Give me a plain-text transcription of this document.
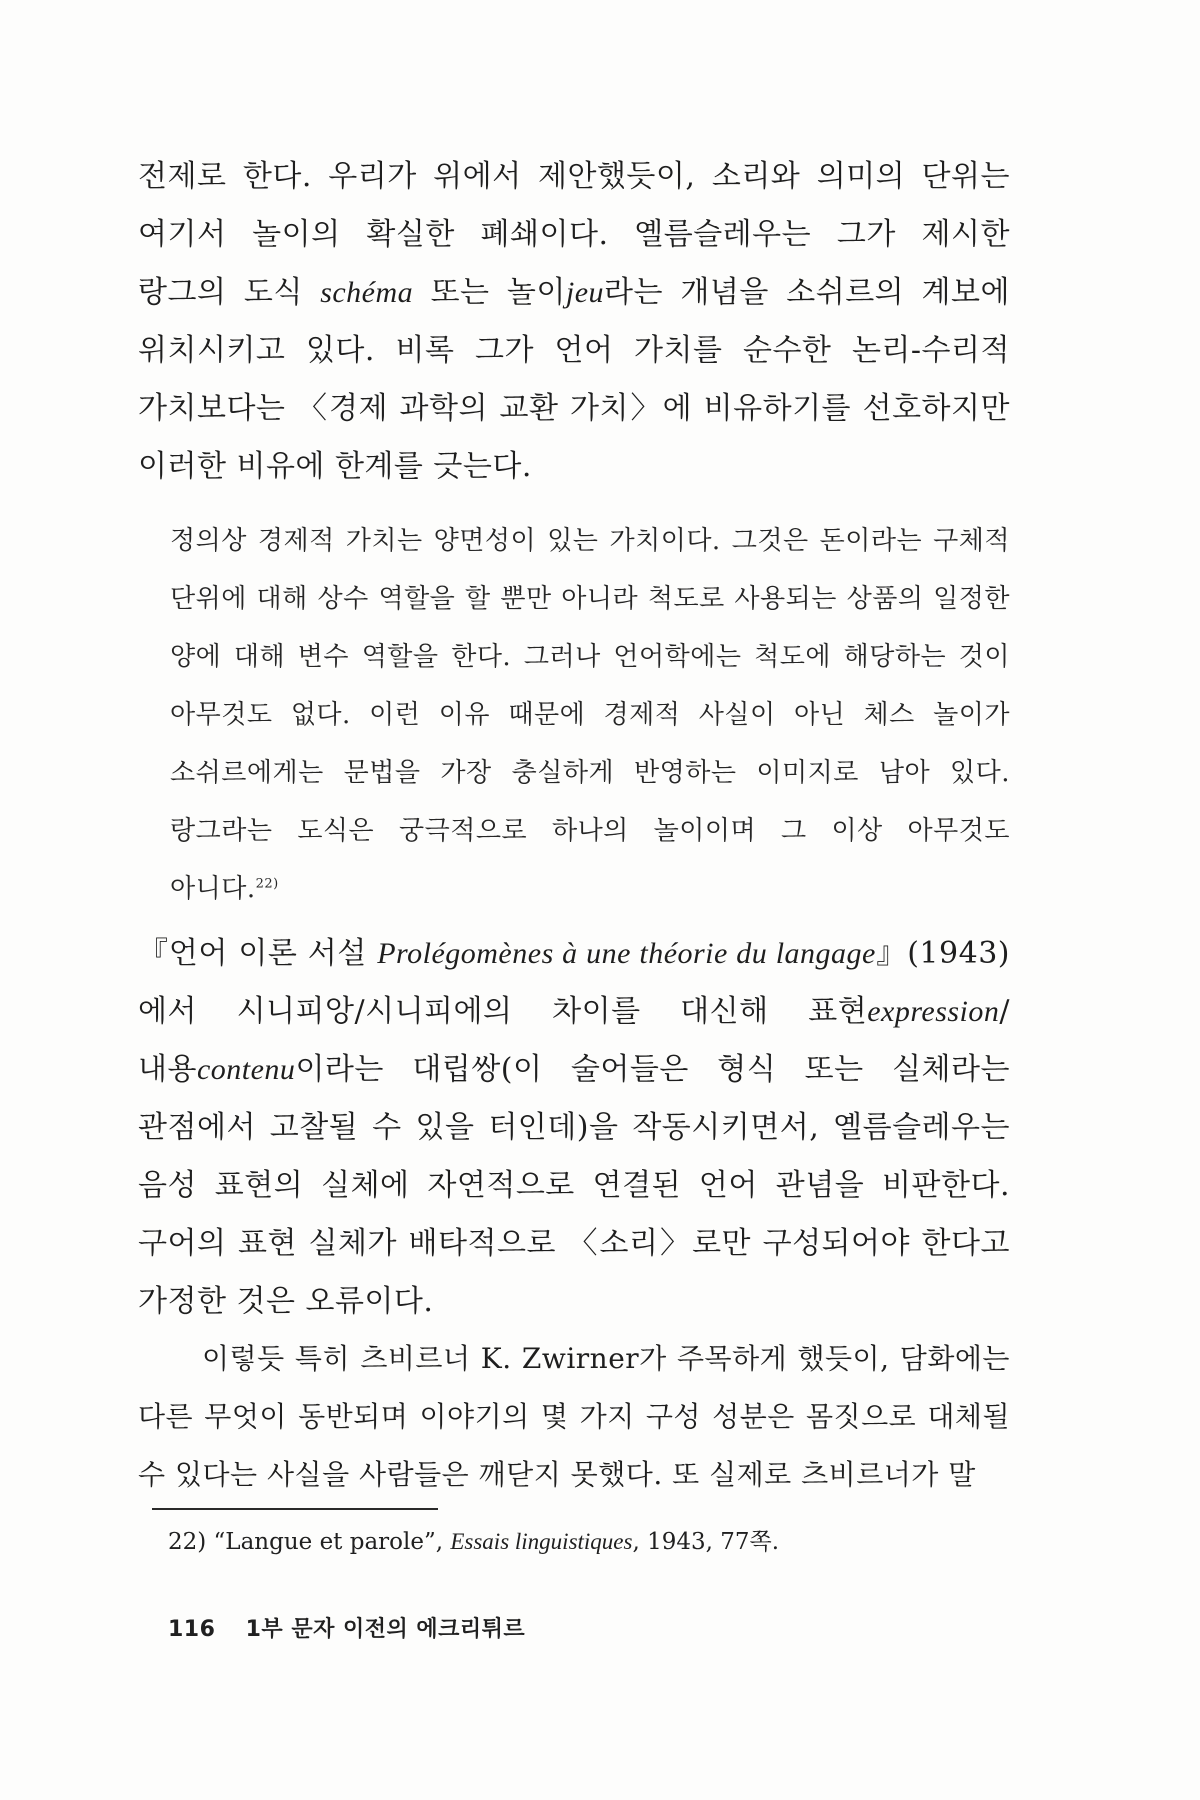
전제로 한다. 우리가 위에서 제안했듯이, 소리와 의미의 단위는 여기서 놀이의 확실한 폐쇄이다. 옐름슬레우는 그가 제시한 랑그의 도식 schéma 또는 놀이jeu라는 개념을 소쉬르의 계보에 위치시키고 있다. 비록 그가 언어 가치를 순수한 논리-수리적 가치보다는 〈경제 과학의 교환 가치〉에 비유하기를 선호하지만 이러한 비유에 한계를 긋는다.

정의상 경제적 가치는 양면성이 있는 가치이다. 그것은 돈이라는 구체적 단위에 대해 상수 역할을 할 뿐만 아니라 척도로 사용되는 상품의 일정한 양에 대해 변수 역할을 한다. 그러나 언어학에는 척도에 해당하는 것이 아무것도 없다. 이런 이유 때문에 경제적 사실이 아닌 체스 놀이가 소쉬르에게는 문법을 가장 충실하게 반영하는 이미지로 남아 있다. 랑그라는 도식은 궁극적으로 하나의 놀이이며 그 이상 아무것도 아니다.$^{22)}$

『언어 이론 서설 Prolégomènes à une théorie du langage』(1943)에서 시니피앙/시니피에의 차이를 대신해 표현expression/내용contenu이라는 대립쌍(이 술어들은 형식 또는 실체라는 관점에서 고찰될 수 있을 터인데)을 작동시키면서, 옐름슬레우는 음성 표현의 실체에 자연적으로 연결된 언어 관념을 비판한다. 구어의 표현 실체가 배타적으로 〈소리〉로만 구성되어야 한다고 가정한 것은 오류이다.

이렇듯 특히 츠비르너 K. Zwirner가 주목하게 했듯이, 담화에는 다른 무엇이 동반되며 이야기의 몇 가지 구성 성분은 몸짓으로 대체될 수 있다는 사실을 사람들은 깨닫지 못했다. 또 실제로 츠비르너가 말

22) “Langue et parole”, Essais linguistiques, 1943, 77쪽.

116 1부 문자 이전의 에크리튀르
